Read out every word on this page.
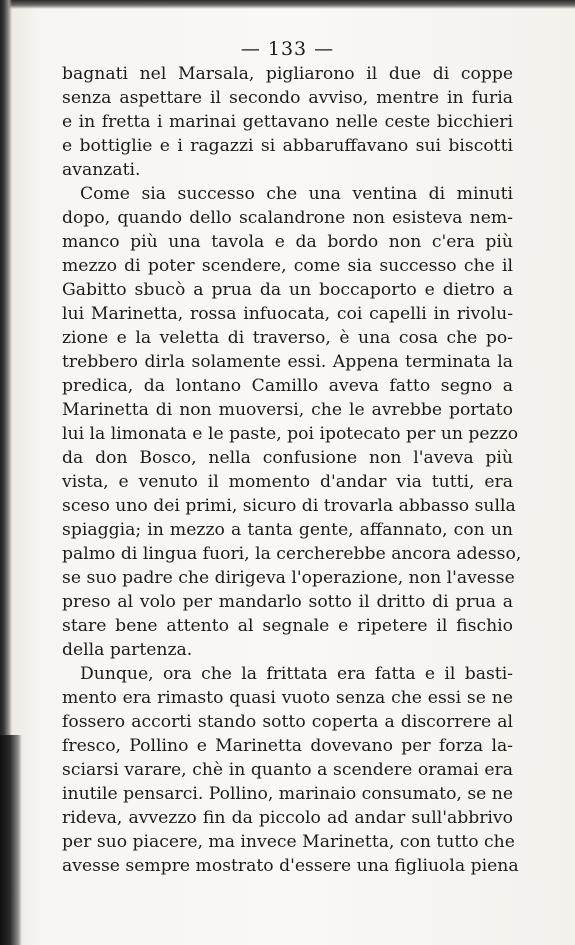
— 133 —
bagnati nel Marsala, pigliarono il due di coppe
senza aspettare il secondo avviso, mentre in furia
e in fretta i marinai gettavano nelle ceste bicchieri
e bottiglie e i ragazzi si abbaruffavano sui biscotti
avanzati.
Come sia successo che una ventina di minuti
dopo, quando dello scalandrone non esisteva nem-
manco più una tavola e da bordo non c'era più
mezzo di poter scendere, come sia successo che il
Gabitto sbucò a prua da un boccaporto e dietro a
lui Marinetta, rossa infuocata, coi capelli in rivolu-
zione e la veletta di traverso, è una cosa che po-
trebbero dirla solamente essi. Appena terminata la
predica, da lontano Camillo aveva fatto segno a
Marinetta di non muoversi, che le avrebbe portato
lui la limonata e le paste, poi ipotecato per un pezzo
da don Bosco, nella confusione non l'aveva più
vista, e venuto il momento d'andar via tutti, era
sceso uno dei primi, sicuro di trovarla abbasso sulla
spiaggia; in mezzo a tanta gente, affannato, con un
palmo di lingua fuori, la cercherebbe ancora adesso,
se suo padre che dirigeva l'operazione, non l'avesse
preso al volo per mandarlo sotto il dritto di prua a
stare bene attento al segnale e ripetere il fischio
della partenza.
Dunque, ora che la frittata era fatta e il basti-
mento era rimasto quasi vuoto senza che essi se ne
fossero accorti stando sotto coperta a discorrere al
fresco, Pollino e Marinetta dovevano per forza la-
sciarsi varare, chè in quanto a scendere oramai era
inutile pensarci. Pollino, marinaio consumato, se ne
rideva, avvezzo fin da piccolo ad andar sull'abbrivo
per suo piacere, ma invece Marinetta, con tutto che
avesse sempre mostrato d'essere una figliuola piena
